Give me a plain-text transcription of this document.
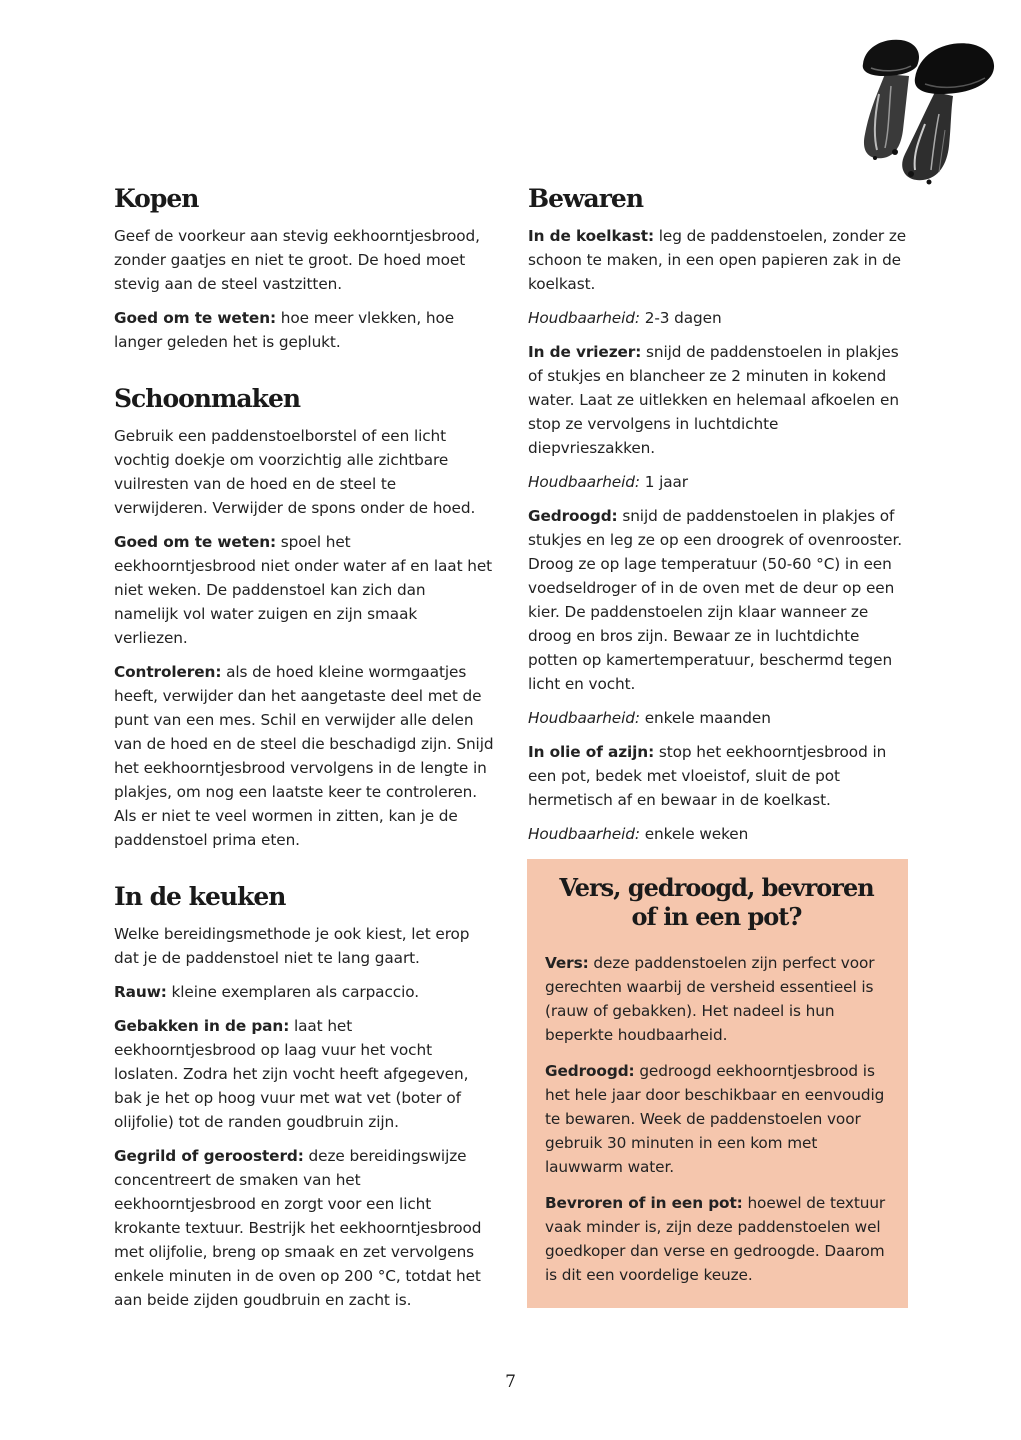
Kopen

Geef de voorkeur aan stevig eekhoorntjesbrood, zonder gaatjes en niet te groot. De hoed moet stevig aan de steel vastzitten.

Goed om te weten: hoe meer vlekken, hoe langer geleden het is geplukt.

Schoonmaken

Gebruik een paddenstoelborstel of een licht vochtig doekje om voorzichtig alle zichtbare vuilresten van de hoed en de steel te verwijderen. Verwijder de spons onder de hoed.

Goed om te weten: spoel het eekhoorntjesbrood niet onder water af en laat het niet weken. De paddenstoel kan zich dan namelijk vol water zuigen en zijn smaak verliezen.

Controleren: als de hoed kleine wormgaatjes heeft, verwijder dan het aangetaste deel met de punt van een mes. Schil en verwijder alle delen van de hoed en de steel die beschadigd zijn. Snijd het eekhoorntjesbrood vervolgens in de lengte in plakjes, om nog een laatste keer te controleren. Als er niet te veel wormen in zitten, kan je de paddenstoel prima eten.

In de keuken

Welke bereidingsmethode je ook kiest, let erop dat je de paddenstoel niet te lang gaart.

Rauw: kleine exemplaren als carpaccio.

Gebakken in de pan: laat het eekhoorntjesbrood op laag vuur het vocht loslaten. Zodra het zijn vocht heeft afgegeven, bak je het op hoog vuur met wat vet (boter of olijfolie) tot de randen goudbruin zijn.

Gegrild of geroosterd: deze bereidingswijze concentreert de smaken van het eekhoorntjesbrood en zorgt voor een licht krokante textuur. Bestrijk het eekhoorntjesbrood met olijfolie, breng op smaak en zet vervolgens enkele minuten in de oven op 200 °C, totdat het aan beide zijden goudbruin en zacht is.

Bewaren

In de koelkast: leg de paddenstoelen, zonder ze schoon te maken, in een open papieren zak in de koelkast.

Houdbaarheid: 2-3 dagen

In de vriezer: snijd de paddenstoelen in plakjes of stukjes en blancheer ze 2 minuten in kokend water. Laat ze uitlekken en helemaal afkoelen en stop ze vervolgens in luchtdichte diepvrieszakken.

Houdbaarheid: 1 jaar

Gedroogd: snijd de paddenstoelen in plakjes of stukjes en leg ze op een droogrek of ovenrooster. Droog ze op lage temperatuur (50-60 °C) in een voedseldroger of in de oven met de deur op een kier. De paddenstoelen zijn klaar wanneer ze droog en bros zijn. Bewaar ze in luchtdichte potten op kamertemperatuur, beschermd tegen licht en vocht.

Houdbaarheid: enkele maanden

In olie of azijn: stop het eekhoorntjesbrood in een pot, bedek met vloeistof, sluit de pot hermetisch af en bewaar in de koelkast.

Houdbaarheid: enkele weken

Vers, gedroogd, bevroren
of in een pot?

Vers: deze paddenstoelen zijn perfect voor gerechten waarbij de versheid essentieel is (rauw of gebakken). Het nadeel is hun beperkte houdbaarheid.

Gedroogd: gedroogd eekhoorntjesbrood is het hele jaar door beschikbaar en eenvoudig te bewaren. Week de paddenstoelen voor gebruik 30 minuten in een kom met lauwwarm water.

Bevroren of in een pot: hoewel de textuur vaak minder is, zijn deze paddenstoelen wel goedkoper dan verse en gedroogde. Daarom is dit een voordelige keuze.

7
